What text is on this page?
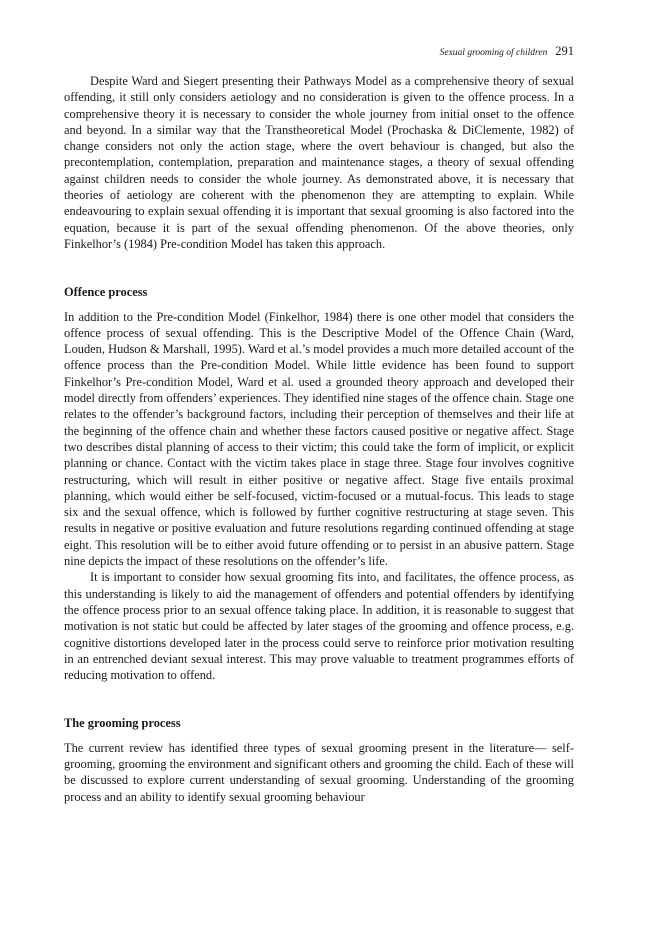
Sexual grooming of children 291

Despite Ward and Siegert presenting their Pathways Model as a comprehensive theory of sexual offending, it still only considers aetiology and no consideration is given to the offence process. In a comprehensive theory it is necessary to consider the whole journey from initial onset to the offence and beyond. In a similar way that the Transtheoretical Model (Prochaska & DiClemente, 1982) of change considers not only the action stage, where the overt behaviour is changed, but also the precontemplation, contemplation, preparation and maintenance stages, a theory of sexual offending against children needs to consider the whole journey. As demonstrated above, it is necessary that theories of aetiology are coherent with the phenomenon they are attempting to explain. While endeavouring to explain sexual offending it is important that sexual grooming is also factored into the equation, because it is part of the sexual offending phenomenon. Of the above theories, only Finkelhor’s (1984) Pre-condition Model has taken this approach.

Offence process

In addition to the Pre-condition Model (Finkelhor, 1984) there is one other model that considers the offence process of sexual offending. This is the Descriptive Model of the Offence Chain (Ward, Louden, Hudson & Marshall, 1995). Ward et al.’s model provides a much more detailed account of the offence process than the Pre-condition Model. While little evidence has been found to support Finkelhor’s Pre-condition Model, Ward et al. used a grounded theory approach and developed their model directly from offenders’ experiences. They identified nine stages of the offence chain. Stage one relates to the offender’s background factors, including their perception of themselves and their life at the beginning of the offence chain and whether these factors caused positive or negative affect. Stage two describes distal planning of access to their victim; this could take the form of implicit, or explicit planning or chance. Contact with the victim takes place in stage three. Stage four involves cognitive restructuring, which will result in either positive or negative affect. Stage five entails proximal planning, which would either be self-focused, victim-focused or a mutual-focus. This leads to stage six and the sexual offence, which is followed by further cognitive restructuring at stage seven. This results in negative or positive evaluation and future resolutions regarding continued offending at stage eight. This resolution will be to either avoid future offending or to persist in an abusive pattern. Stage nine depicts the impact of these resolutions on the offender’s life.

It is important to consider how sexual grooming fits into, and facilitates, the offence process, as this understanding is likely to aid the management of offenders and potential offenders by identifying the offence process prior to an sexual offence taking place. In addition, it is reasonable to suggest that motivation is not static but could be affected by later stages of the grooming and offence process, e.g. cognitive distortions developed later in the process could serve to reinforce prior motivation resulting in an entrenched deviant sexual interest. This may prove valuable to treatment programmes efforts of reducing motivation to offend.

The grooming process

The current review has identified three types of sexual grooming present in the literature— self-grooming, grooming the environment and significant others and grooming the child. Each of these will be discussed to explore current understanding of sexual grooming. Understanding of the grooming process and an ability to identify sexual grooming behaviour
